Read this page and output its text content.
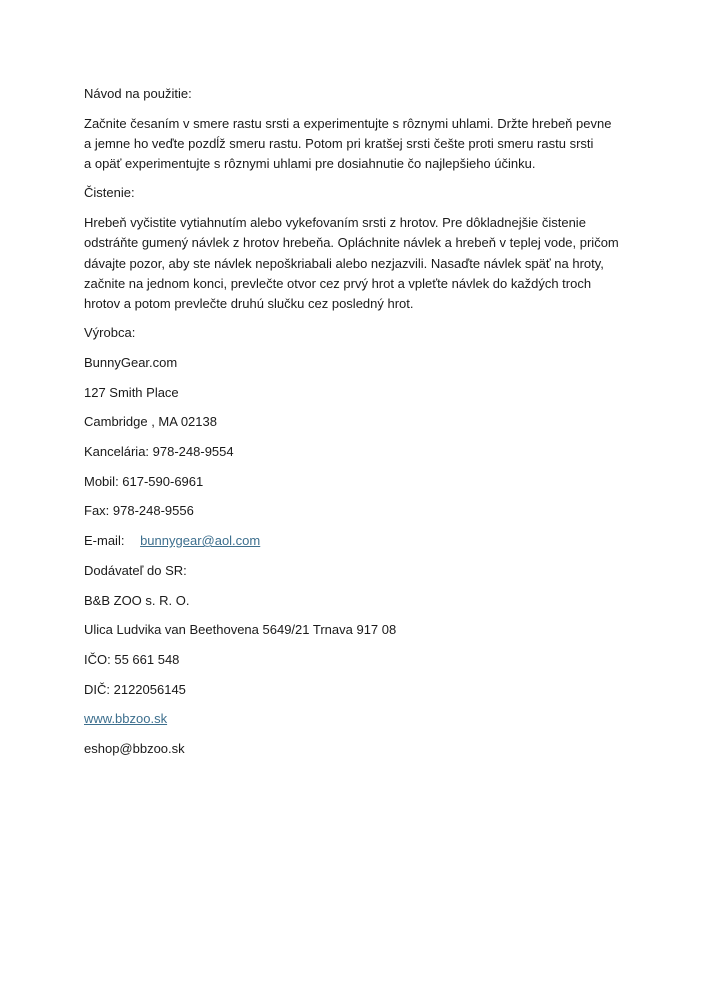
Návod na použitie:
Začnite česaním v smere rastu srsti a experimentujte s rôznymi uhlami. Držte hrebeň pevne
a jemne ho veďte pozdĺž smeru rastu. Potom pri kratšej srsti češte proti smeru rastu srsti
a opäť experimentujte s rôznymi uhlami pre dosiahnutie čo najlepšieho účinku.
Čistenie:
Hrebeň vyčistite vytiahnutím alebo vykefovaním srsti z hrotov. Pre dôkladnejšie čistenie
odstráňte gumený návlek z hrotov hrebeňa. Opláchnite návlek a hrebeň v teplej vode, pričom
dávajte pozor, aby ste návlek nepoškriabali alebo nezjazvili. Nasaďte návlek späť na hroty,
začnite na jednom konci, prevlečte otvor cez prvý hrot a vpleťte návlek do každých troch
hrotov a potom prevlečte druhú slučku cez posledný hrot.
Výrobca:
BunnyGear.com
127 Smith Place
Cambridge , MA 02138
Kancelária: 978-248-9554
Mobil: 617-590-6961
Fax: 978-248-9556
E-mail: bunnygear@aol.com
Dodávateľ do SR:
B&B ZOO s. R. O.
Ulica Ludvika van Beethovena 5649/21 Trnava 917 08
IČO: 55 661 548
DIČ: 2122056145
www.bbzoo.sk
eshop@bbzoo.sk
